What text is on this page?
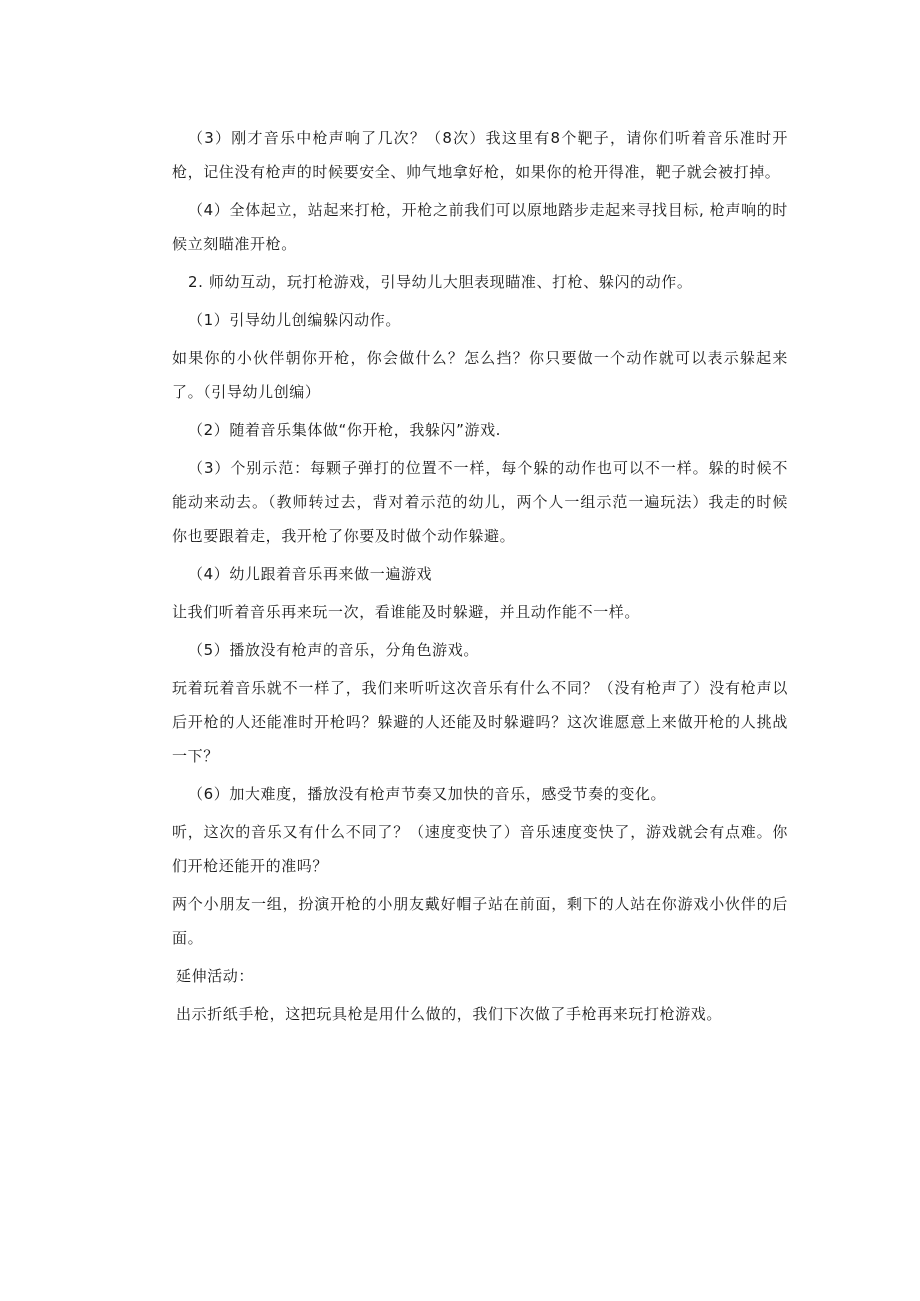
（3）刚才音乐中枪声响了几次？（8次）我这里有8个靶子，请你们听着音乐准时开枪，记住没有枪声的时候要安全、帅气地拿好枪，如果你的枪开得准，靶子就会被打掉。

（4）全体起立，站起来打枪，开枪之前我们可以原地踏步走起来寻找目标, 枪声响的时候立刻瞄准开枪。

2. 师幼互动，玩打枪游戏，引导幼儿大胆表现瞄准、打枪、躲闪的动作。

（1）引导幼儿创编躲闪动作。

如果你的小伙伴朝你开枪，你会做什么？怎么挡？你只要做一个动作就可以表示躲起来了。（引导幼儿创编）

（2）随着音乐集体做“你开枪，我躲闪”游戏.

（3）个别示范：每颗子弹打的位置不一样，每个躲的动作也可以不一样。躲的时候不能动来动去。（教师转过去，背对着示范的幼儿，两个人一组示范一遍玩法）我走的时候你也要跟着走，我开枪了你要及时做个动作躲避。

（4）幼儿跟着音乐再来做一遍游戏

让我们听着音乐再来玩一次，看谁能及时躲避，并且动作能不一样。

（5）播放没有枪声的音乐，分角色游戏。

玩着玩着音乐就不一样了，我们来听听这次音乐有什么不同？（没有枪声了）没有枪声以后开枪的人还能准时开枪吗？躲避的人还能及时躲避吗？这次谁愿意上来做开枪的人挑战一下？

（6）加大难度，播放没有枪声节奏又加快的音乐，感受节奏的变化。

听，这次的音乐又有什么不同了？（速度变快了）音乐速度变快了，游戏就会有点难。你们开枪还能开的准吗？

两个小朋友一组，扮演开枪的小朋友戴好帽子站在前面，剩下的人站在你游戏小伙伴的后面。

延伸活动：

出示折纸手枪，这把玩具枪是用什么做的，我们下次做了手枪再来玩打枪游戏。
